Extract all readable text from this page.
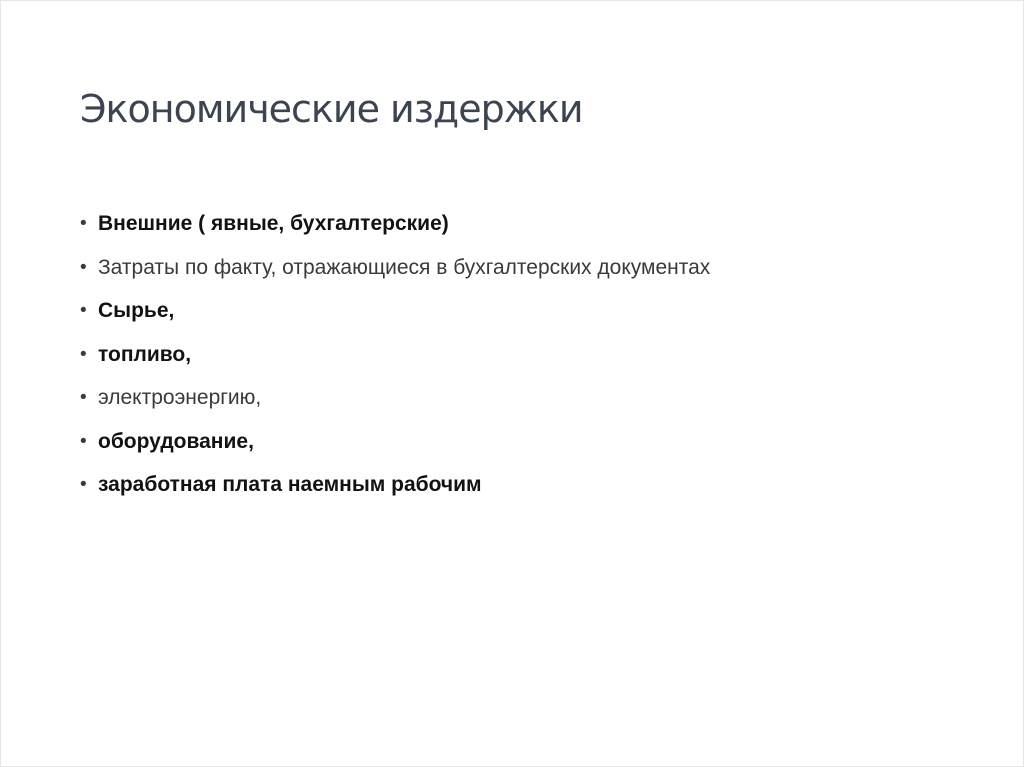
Экономические издержки
• Внешние ( явные, бухгалтерские)
• Затраты по факту, отражающиеся в бухгалтерских документах
• Сырье,
• топливо,
• электроэнергию,
• оборудование,
• заработная плата наемным рабочим
